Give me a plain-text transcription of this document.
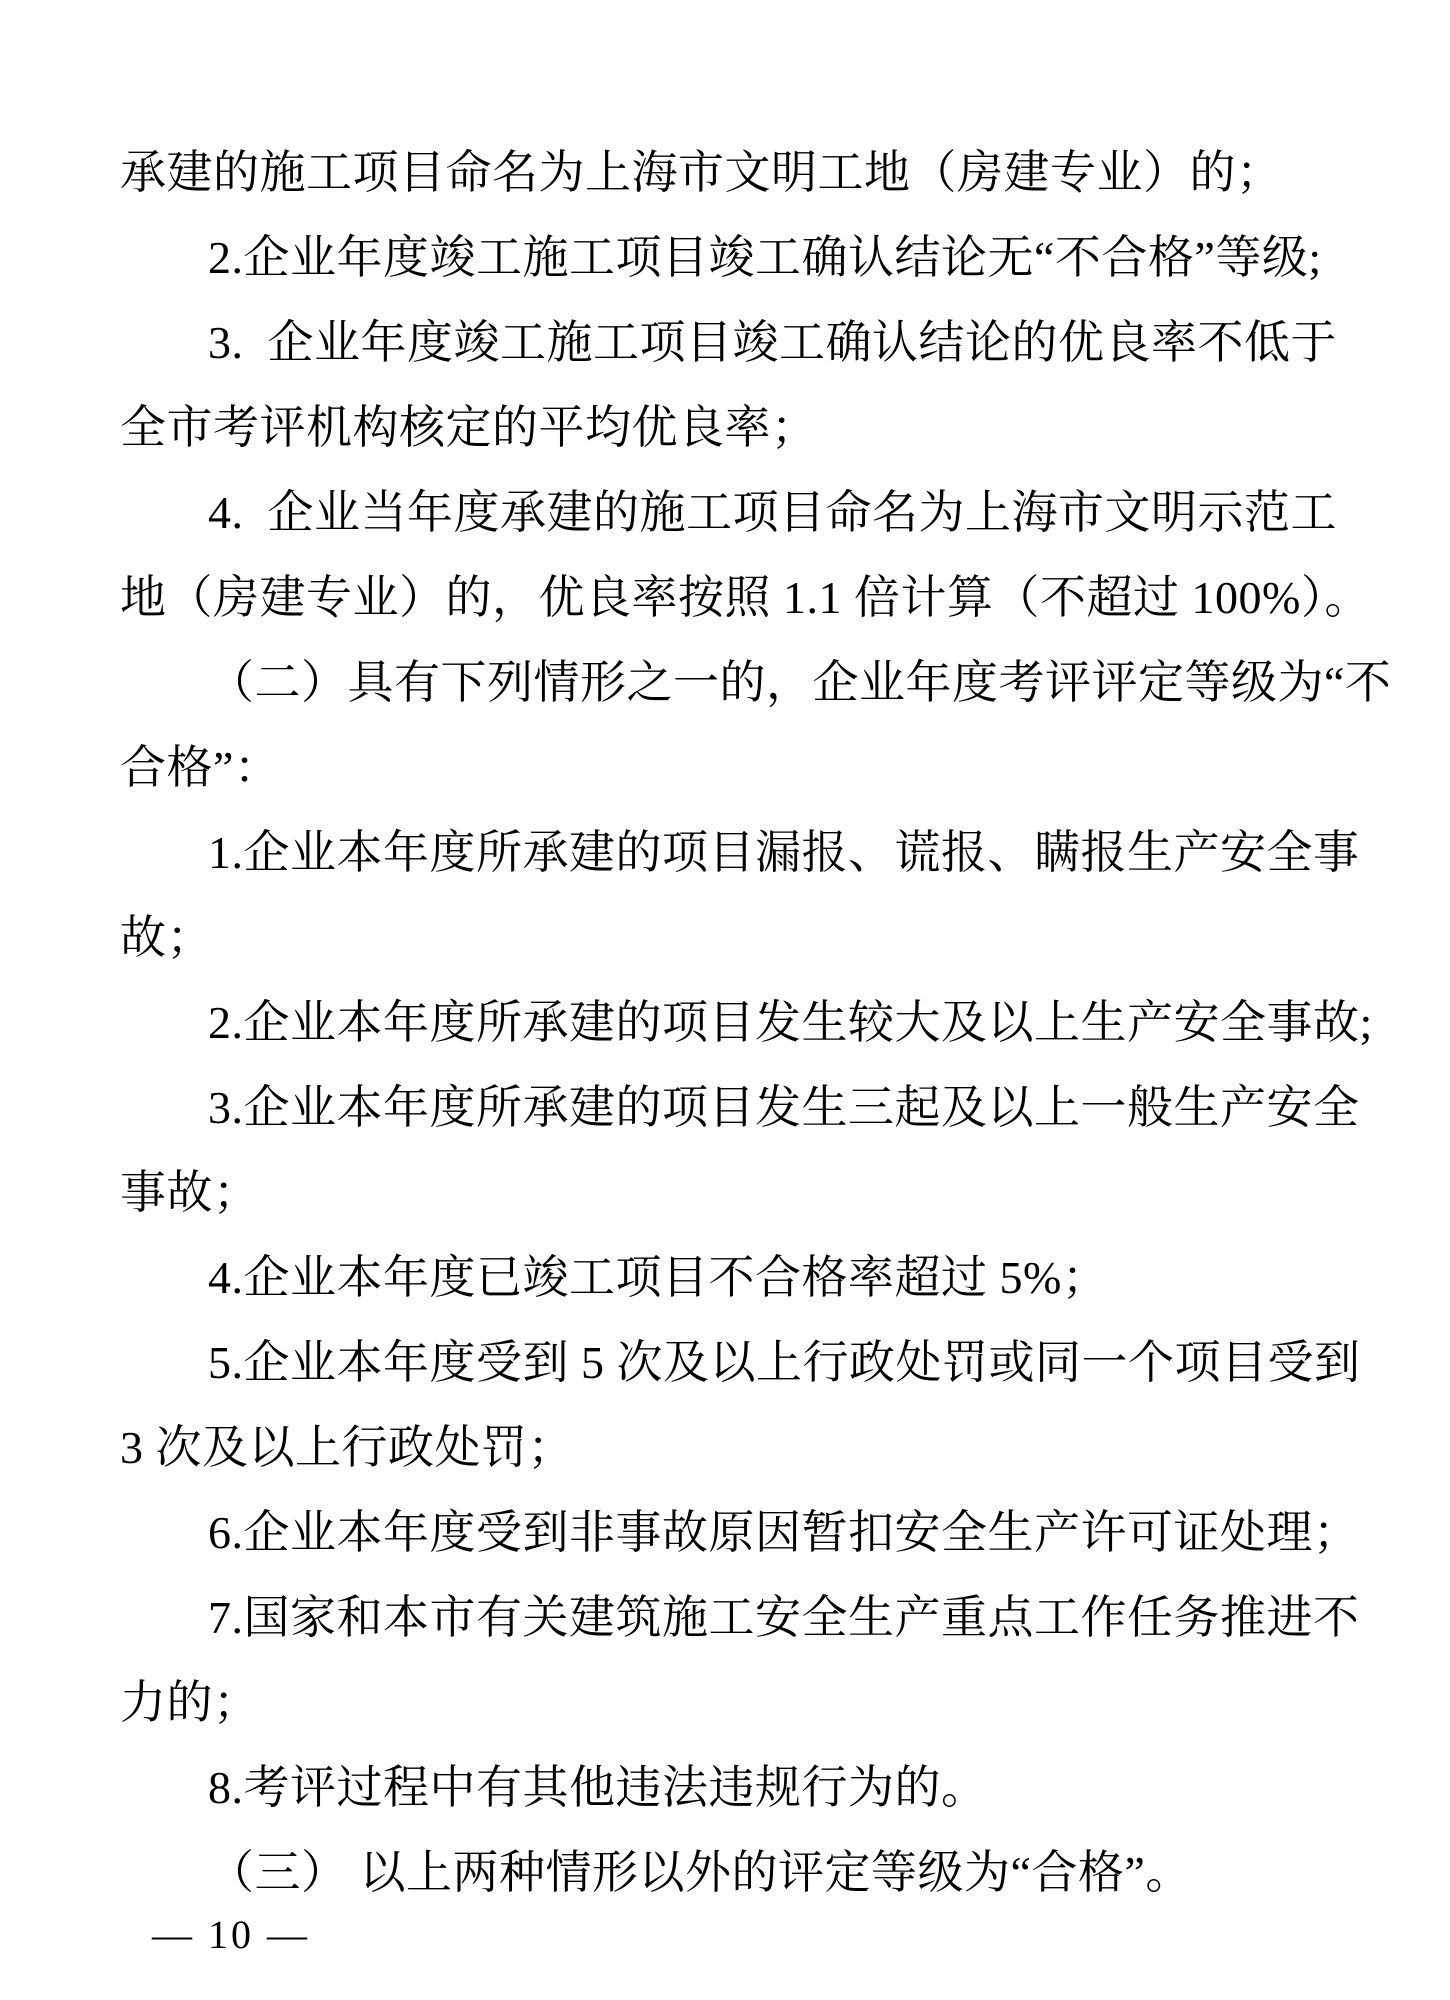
承建的施工项目命名为上海市文明工地（房建专业）的；
2.企业年度竣工施工项目竣工确认结论无“不合格”等级;
3.  企业年度竣工施工项目竣工确认结论的优良率不低于
全市考评机构核定的平均优良率；
4.  企业当年度承建的施工项目命名为上海市文明示范工
地（房建专业）的，优良率按照 1.1 倍计算（不超过 100%）。
（二）具有下列情形之一的，企业年度考评评定等级为“不
合格”：
1.企业本年度所承建的项目漏报、谎报、瞒报生产安全事
故；
2.企业本年度所承建的项目发生较大及以上生产安全事故;
3.企业本年度所承建的项目发生三起及以上一般生产安全
事故；
4.企业本年度已竣工项目不合格率超过 5%；
5.企业本年度受到 5 次及以上行政处罚或同一个项目受到
3 次及以上行政处罚；
6.企业本年度受到非事故原因暂扣安全生产许可证处理；
7.国家和本市有关建筑施工安全生产重点工作任务推进不
力的；
8.考评过程中有其他违法违规行为的。
（三） 以上两种情形以外的评定等级为“合格”。
— 10 —
